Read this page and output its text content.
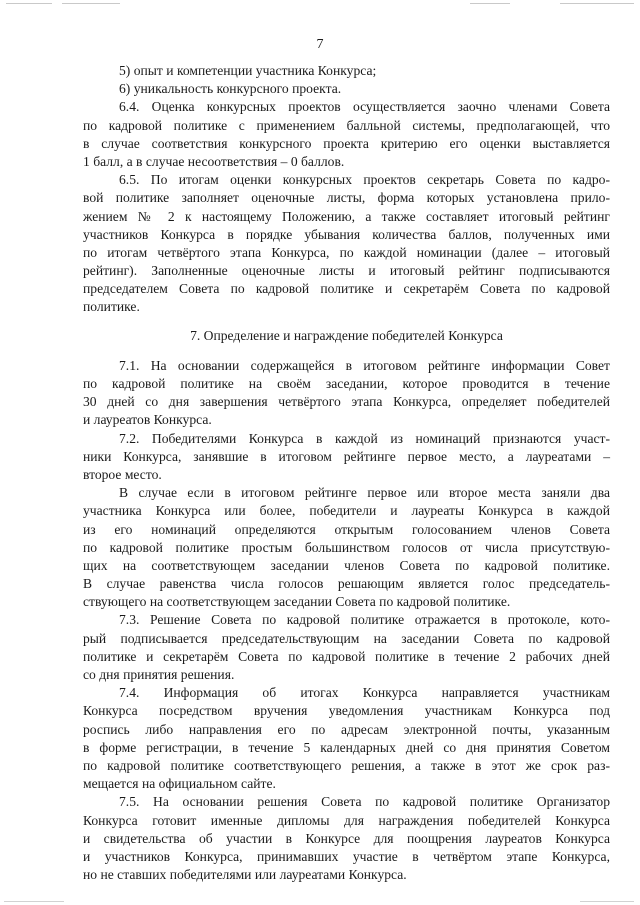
7
5) опыт и компетенции участника Конкурса;
6) уникальность конкурсного проекта.
6.4. Оценка конкурсных проектов осуществляется заочно членами Совета
по кадровой политике с применением балльной системы, предполагающей, что
в случае соответствия конкурсного проекта критерию его оценки выставляется
1 балл, а в случае несоответствия – 0 баллов.
6.5. По итогам оценки конкурсных проектов секретарь Совета по кадро-
вой политике заполняет оценочные листы, форма которых установлена прило-
жением № 2 к настоящему Положению, а также составляет итоговый рейтинг
участников Конкурса в порядке убывания количества баллов, полученных ими
по итогам четвёртого этапа Конкурса, по каждой номинации (далее – итоговый
рейтинг). Заполненные оценочные листы и итоговый рейтинг подписываются
председателем Совета по кадровой политике и секретарём Совета по кадровой
политике.
7. Определение и награждение победителей Конкурса
7.1. На основании содержащейся в итоговом рейтинге информации Совет
по кадровой политике на своём заседании, которое проводится в течение
30 дней со дня завершения четвёртого этапа Конкурса, определяет победителей
и лауреатов Конкурса.
7.2. Победителями Конкурса в каждой из номинаций признаются участ-
ники Конкурса, занявшие в итоговом рейтинге первое место, а лауреатами –
второе место.
В случае если в итоговом рейтинге первое или второе места заняли два
участника Конкурса или более, победители и лауреаты Конкурса в каждой
из его номинаций определяются открытым голосованием членов Совета
по кадровой политике простым большинством голосов от числа присутствую-
щих на соответствующем заседании членов Совета по кадровой политике.
В случае равенства числа голосов решающим является голос председатель-
ствующего на соответствующем заседании Совета по кадровой политике.
7.3. Решение Совета по кадровой политике отражается в протоколе, кото-
рый подписывается председательствующим на заседании Совета по кадровой
политике и секретарём Совета по кадровой политике в течение 2 рабочих дней
со дня принятия решения.
7.4. Информация об итогах Конкурса направляется участникам
Конкурса посредством вручения уведомления участникам Конкурса под
роспись либо направления его по адресам электронной почты, указанным
в форме регистрации, в течение 5 календарных дней со дня принятия Советом
по кадровой политике соответствующего решения, а также в этот же срок раз-
мещается на официальном сайте.
7.5. На основании решения Совета по кадровой политике Организатор
Конкурса готовит именные дипломы для награждения победителей Конкурса
и свидетельства об участии в Конкурсе для поощрения лауреатов Конкурса
и участников Конкурса, принимавших участие в четвёртом этапе Конкурса,
но не ставших победителями или лауреатами Конкурса.
